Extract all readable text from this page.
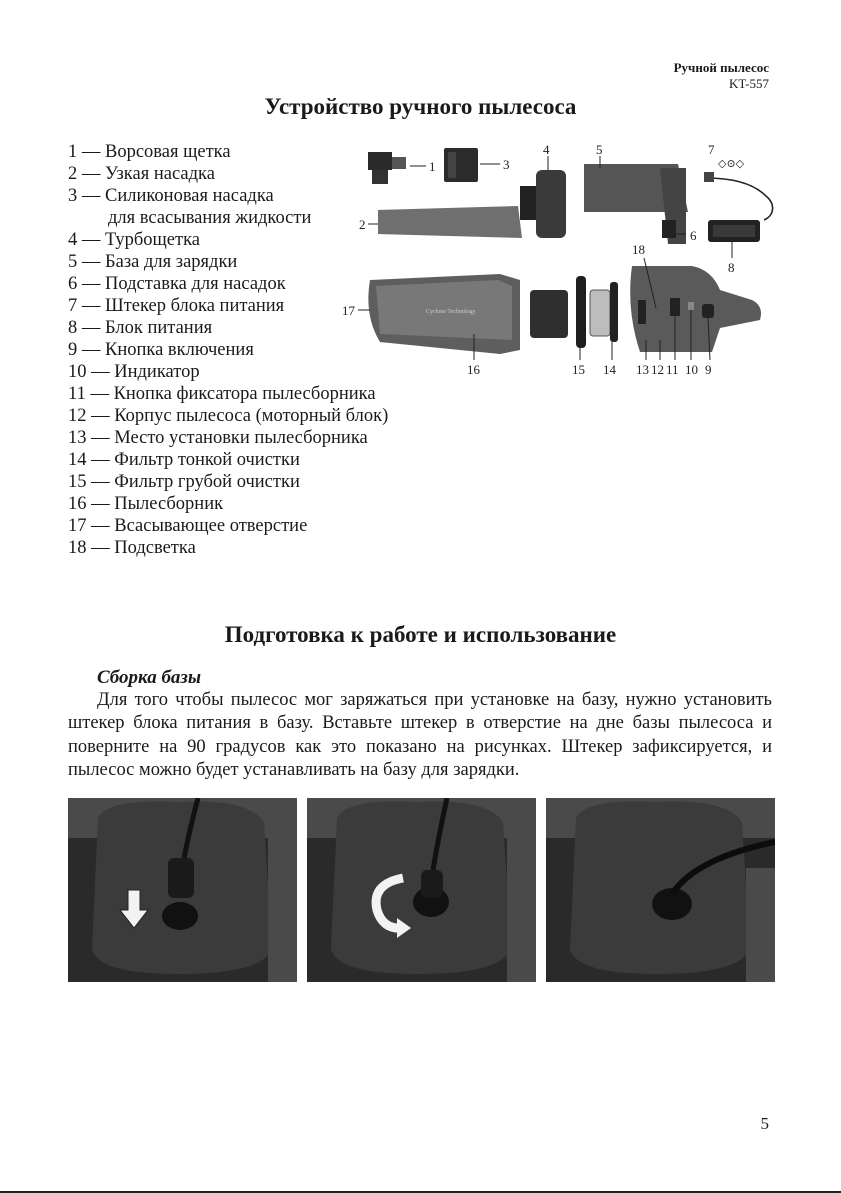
Ручной пылесос
KT-557
Устройство ручного пылесоса
1 — Ворсовая щетка
2 — Узкая насадка
3 — Силиконовая насадка
для всасывания жидкости
4 — Турбощетка
5 — База для зарядки
6 — Подставка для насадок
7 — Штекер блока питания
8 — Блок питания
9 — Кнопка включения
10 — Индикатор
11 — Кнопка фиксатора пылесборника
12 — Корпус пылесоса (моторный блок)
13 — Место установки пылесборника
14 — Фильтр тонкой очистки
15 — Фильтр грубой очистки
16 — Пылесборник
17 — Всасывающее отверстие
18 — Подсветка
1	3
2
4	5
6
◇⊙◇
7
8
Cyclone Technology
17
16	15 14
18
13 12 11 10 9
Подготовка к работе и использование
Сборка базы

Для того чтобы пылесос мог заряжаться при установке на базу, нужно установить штекер блока питания в базу. Вставьте штекер в отверстие на дне базы пылесоса и поверните на 90 градусов как это показано на рисунках. Штекер зафиксируется, и пылесос можно будет устанавливать на базу для зарядки.

5
